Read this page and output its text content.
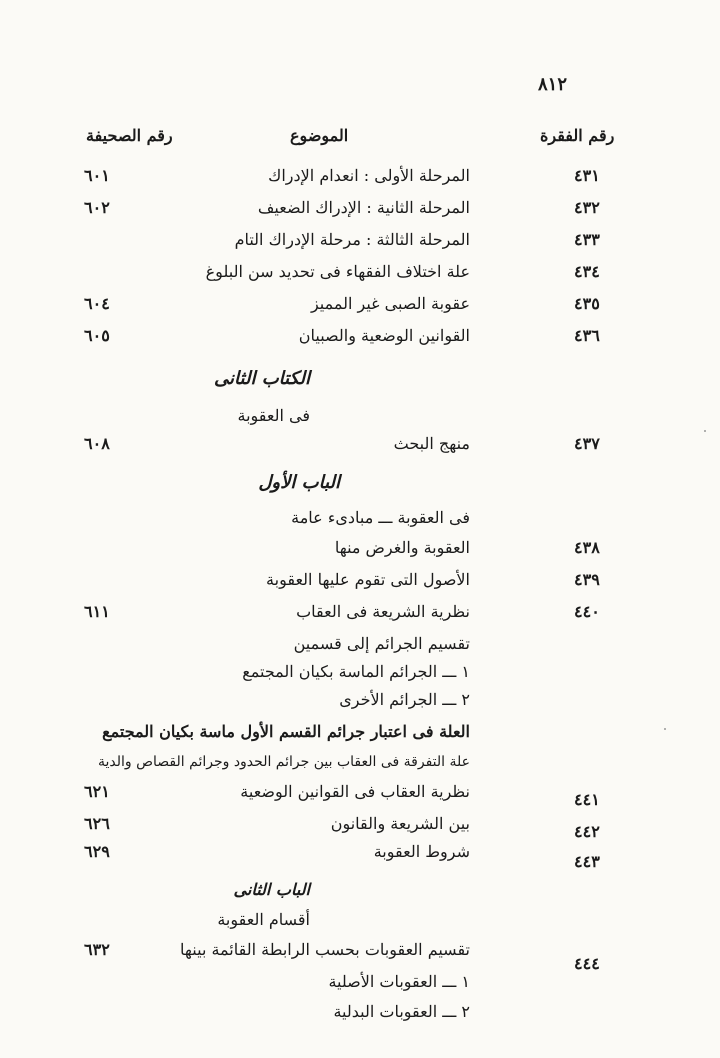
٨١٢
رقم الفقرة
الموضوع
رقم الصحيفة
٤٣١
المرحلة الأولى : انعدام الإدراك
٦٠١
٤٣٢
المرحلة الثانية : الإدراك الضعيف
٦٠٢
٤٣٣
المرحلة الثالثة : مرحلة الإدراك التام
٤٣٤
علة اختلاف الفقهاء فى تحديد سن البلوغ
٤٣٥
عقوبة الصبى غير المميز
٦٠٤
٤٣٦
القوانين الوضعية والصبيان
٦٠٥
الكتاب الثانى
فى العقوبة
٤٣٧
منهج البحث
٦٠٨
الباب الأول
فى العقوبة ـــ مبادىء عامة
٤٣٨
العقوبة والغرض منها
٤٣٩
الأصول التى تقوم عليها العقوبة
٤٤٠
نظرية الشريعة فى العقاب
٦١١
تقسيم الجرائم إلى قسمين
١ ـــ الجرائم الماسة بكيان المجتمع
٢ ـــ الجرائم الأخرى
العلة فى اعتبار جرائم القسم الأول ماسة بكيان المجتمع
علة التفرقة فى العقاب بين جرائم الحدود وجرائم القصاص والدية
٤٤١
نظرية العقاب فى القوانين الوضعية
٦٢١
٤٤٢
بين الشريعة والقانون
٦٢٦
٤٤٣
شروط العقوبة
٦٢٩
الباب الثانى
أقسام العقوبة
٤٤٤
تقسيم العقوبات بحسب الرابطة القائمة بينها
٦٣٢
١ ـــ العقوبات الأصلية
٢ ـــ العقوبات البدلية
